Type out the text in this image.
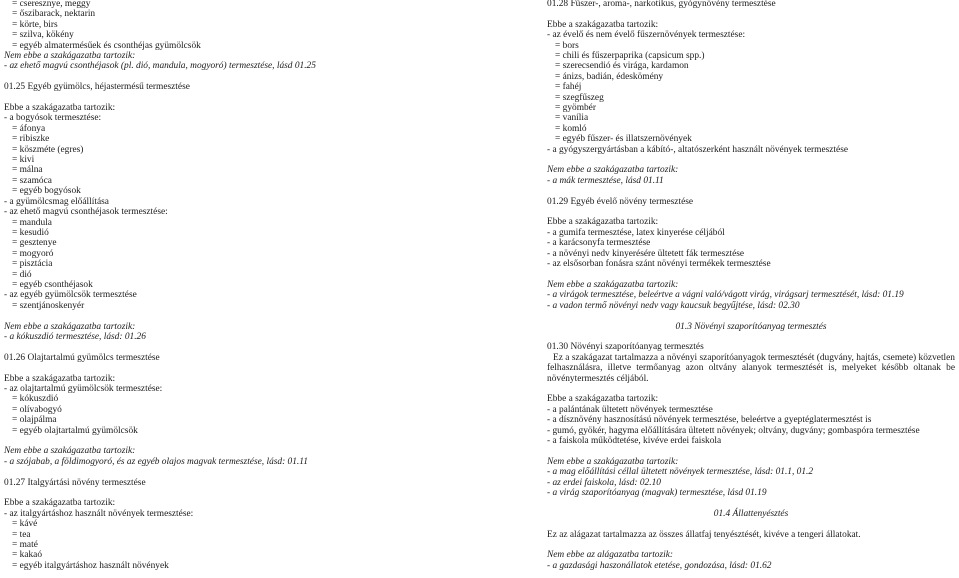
= cseresznye, meggy
= őszibarack, nektarin
= körte, birs
= szilva, kökény
= egyéb almatermésűek és csonthéjas gyümölcsök
Nem ebbe a szakágazatba tartozik:
- az ehető magvú csonthéjasok (pl. dió, mandula, mogyoró) termesztése, lásd 01.25
01.25 Egyéb gyümölcs, héjastermésű termesztése
Ebbe a szakágazatba tartozik:
- a bogyósok termesztése:
= áfonya
= ribiszke
= köszméte (egres)
= kivi
= málna
= szamóca
= egyéb bogyósok
- a gyümölcsmag előállítása
- az ehető magvú csonthéjasok termesztése:
= mandula
= kesudió
= gesztenye
= mogyoró
= pisztácia
= dió
= egyéb csonthéjasok
- az egyéb gyümölcsök termesztése
= szentjánoskenyér
Nem ebbe a szakágazatba tartozik:
- a kókuszdió termesztése, lásd: 01.26
01.26 Olajtartalmú gyümölcs termesztése
Ebbe a szakágazatba tartozik:
- az olajtartalmú gyümölcsök termesztése:
= kókuszdió
= olívabogyó
= olajpálma
= egyéb olajtartalmú gyümölcsök
Nem ebbe a szakágazatba tartozik:
- a szójabab, a földimogyoró, és az egyéb olajos magvak termesztése, lásd: 01.11
01.27 Italgyártási növény termesztése
Ebbe a szakágazatba tartozik:
- az italgyártáshoz használt növények termesztése:
= kávé
= tea
= maté
= kakaó
= egyéb italgyártáshoz használt növények
01.28 Fűszer-, aroma-, narkotikus, gyógynövény termesztése
Ebbe a szakágazatba tartozik:
- az évelő és nem évelő fűszernövények termesztése:
= bors
= chili és fűszerpaprika (capsicum spp.)
= szerecsendió és virága, kardamon
= ánizs, badián, édeskömény
= fahéj
= szegfűszeg
= gyömbér
= vanília
= komló
= egyéb fűszer- és illatszernövények
- a gyógyszergyártásban a kábító-, altatószerként használt növények termesztése
Nem ebbe a szakágazatba tartozik:
- a mák termesztése, lásd 01.11
01.29 Egyéb évelő növény termesztése
Ebbe a szakágazatba tartozik:
- a gumifa termesztése, latex kinyerése céljából
- a karácsonyfa termesztése
- a növényi nedv kinyerésére ültetett fák termesztése
- az elsősorban fonásra szánt növényi termékek termesztése
Nem ebbe a szakágazatba tartozik:
- a virágok termesztése, beleértve a vágni való/vágott virág, virágsarj termesztését, lásd: 01.19
- a vadon termő növényi nedv vagy kaucsuk begyűjtése, lásd: 02.30
01.3 Növényi szaporítóanyag termesztés
01.30 Növényi szaporítóanyag termesztés
Ez a szakágazat tartalmazza a növényi szaporítóanyagok termesztését (dugvány, hajtás, csemete) közvetlen felhasználásra, illetve termőanyag azon oltvány alanyok termesztését is, melyeket később oltanak be növénytermesztés céljából.
Ebbe a szakágazatba tartozik:
- a palántának ültetett növények termesztése
- a dísznövény hasznosítású növények termesztése, beleértve a gyeptéglatermesztést is
- gumó, gyökér, hagyma előállítására ültetett növények; oltvány, dugvány; gombaspóra termesztése
- a faiskola működtetése, kivéve erdei faiskola
Nem ebbe a szakágazatba tartozik:
- a mag előállítási céllal ültetett növények termesztése, lásd: 01.1, 01.2
- az erdei faiskola, lásd: 02.10
- a virág szaporítóanyag (magvak) termesztése, lásd 01.19
01.4 Állattenyésztés
Ez az alágazat tartalmazza az összes állatfaj tenyésztését, kivéve a tengeri állatokat.
Nem ebbe az alágazatba tartozik:
- a gazdasági haszonállatok etetése, gondozása, lásd: 01.62
